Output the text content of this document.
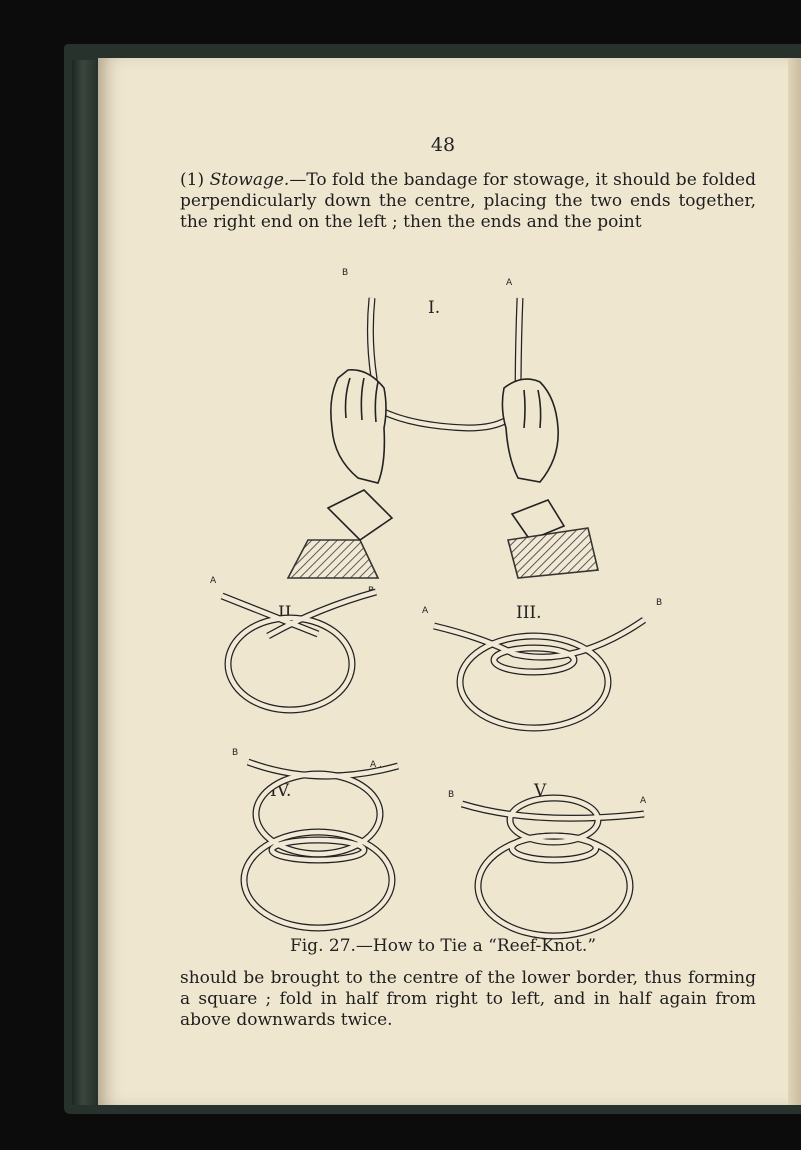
48

(1) Stowage.—To fold the bandage for stowage, it should be folded perpendicularly down the centre, placing the two ends together, the right end on the left ; then the ends and the point

I.
II.	III.
IV.	V
B
A
A
B.
A
B
B
A .
B
A
Fig. 27.—How to Tie a “Reef-Knot.”

should be brought to the centre of the lower border, thus forming a square ; fold in half from right to left, and in half again from above downwards twice.
